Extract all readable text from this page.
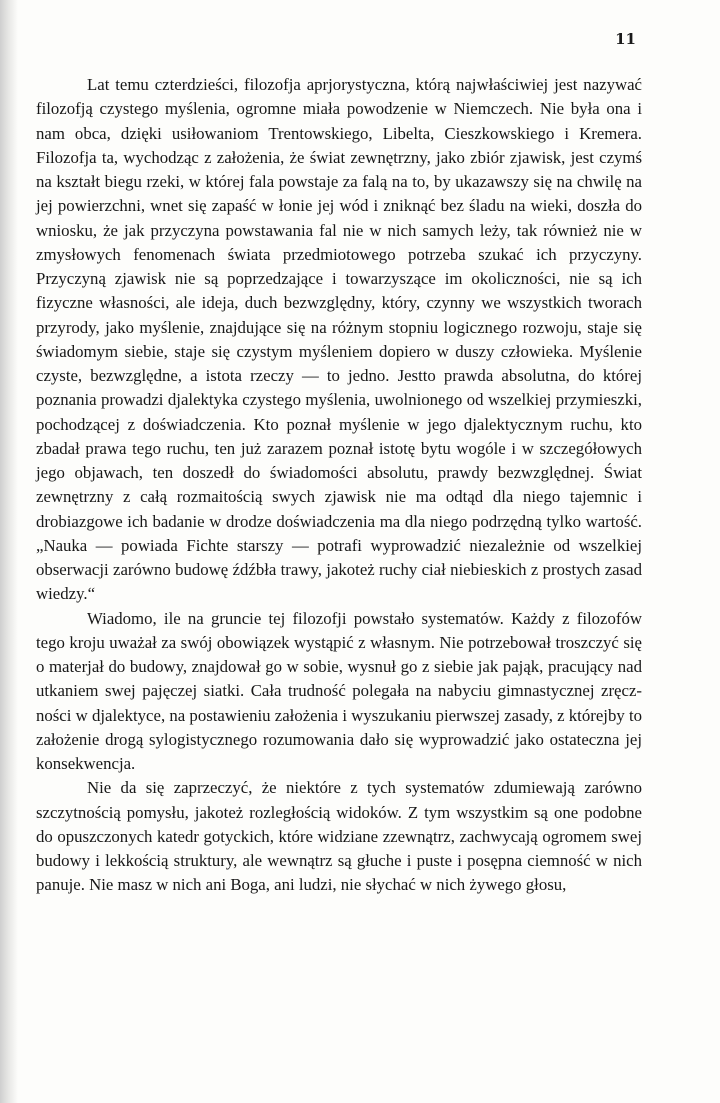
11

Lat temu czterdzieści, filozofja aprjorystyczna, którą najwłaściwiej jest nazywać filozofją czystego myślenia, ogromne miała powodzenie w Niemczech. Nie była ona i nam obca, dzięki usiłowaniom Trentowskiego, Libelta, Cieszkowskiego i Kremera. Filozofja ta, wychodząc z założenia, że świat zewnętrzny, jako zbiór zjawisk, jest czymś na kształt biegu rzeki, w której fala powstaje za falą na to, by ukazawszy się na chwilę na jej powierzchni, wnet się zapaść w łonie jej wód i zniknąć bez śladu na wieki, doszła do wniosku, że jak przyczyna powstawania fal nie w nich samych leży, tak również nie w zmysłowych fenomenach świata przedmiotowego potrzeba szukać ich przyczyny. Przyczyną zjawisk nie są poprzedzające i towarzyszące im okoliczności, nie są ich fizyczne własności, ale ideja, duch bezwzględny, który, czynny we wszystkich tworach przyrody, jako myślenie, znajdujące się na różnym stopniu logicznego rozwoju, staje się świadomym siebie, staje się czystym myśleniem dopiero w duszy człowieka. Myślenie czyste, bezwzględne, a istota rzeczy — to jedno. Jestto prawda absolutna, do której poznania prowadzi djalektyka czystego myślenia, uwolnionego od wszelkiej przymieszki, pochodzącej z doświadczenia. Kto poznał myślenie w jego djalektycznym ruchu, kto zbadał prawa tego ruchu, ten już zarazem poznał istotę bytu wogóle i w szczegółowych jego objawach, ten doszedł do świadomości absolutu, prawdy bezwzględnej. Świat zewnętrzny z całą rozmaitością swych zjawisk nie ma odtąd dla niego tajemnic i drobiazgowe ich badanie w drodze doświadczenia ma dla niego podrzędną tylko wartość. „Nauka — powiada Fichte starszy — potrafi wyprowadzić niezależnie od wszelkiej obserwacji zarówno budowę źdźbła trawy, jakoteż ruchy ciał niebieskich z prostych zasad wiedzy.“

Wiadomo, ile na gruncie tej filozofji powstało systematów. Każdy z filozofów tego kroju uważał za swój obowiązek wystąpić z własnym. Nie potrzebował troszczyć się o materjał do budowy, znajdował go w sobie, wysnuł go z siebie jak pająk, pracujący nad utkaniem swej pajęczej siatki. Cała trudność polegała na nabyciu gimnastycznej zręczności w djalektyce, na postawieniu założenia i wyszukaniu pierwszej zasady, z którejby to założenie drogą sylogistycznego rozumowania dało się wyprowadzić jako ostateczna jej konsekwencja.

Nie da się zaprzeczyć, że niektóre z tych systematów zdumiewają zarówno szczytnością pomysłu, jakoteż rozległością widoków. Z tym wszystkim są one podobne do opuszczonych katedr gotyckich, które widziane zzewnątrz, zachwycają ogromem swej budowy i lekkością struktury, ale wewnątrz są głuche i puste i posępna ciemność w nich panuje. Nie masz w nich ani Boga, ani ludzi, nie słychać w nich żywego głosu,
